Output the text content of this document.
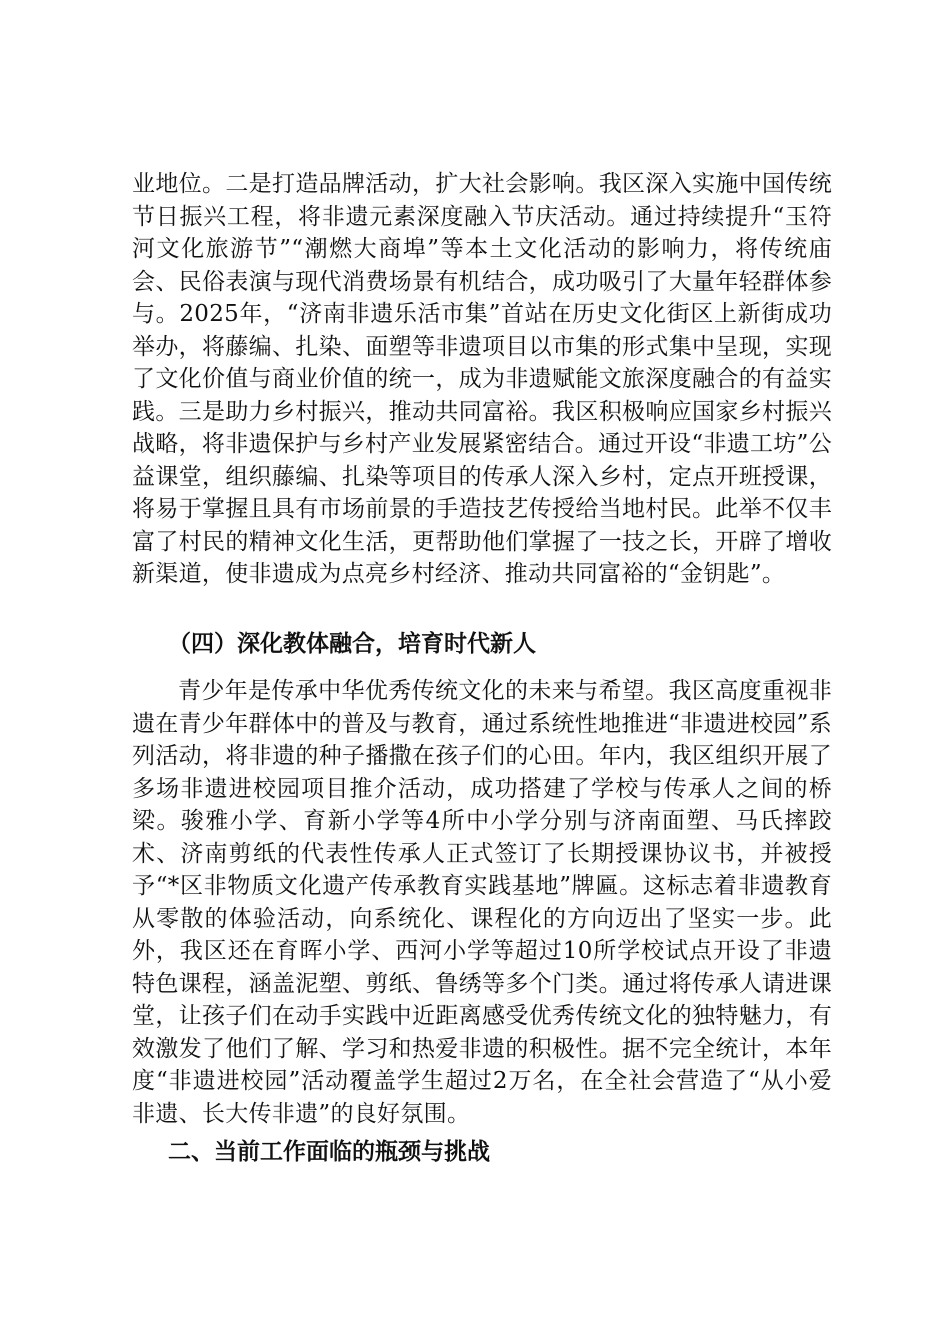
业地位。二是打造品牌活动，扩大社会影响。我区深入实施中国传统节日振兴工程，将非遗元素深度融入节庆活动。通过持续提升“玉符河文化旅游节”“潮燃大商埠”等本土文化活动的影响力，将传统庙会、民俗表演与现代消费场景有机结合，成功吸引了大量年轻群体参与。2025年，“济南非遗乐活市集”首站在历史文化街区上新街成功举办，将藤编、扎染、面塑等非遗项目以市集的形式集中呈现，实现了文化价值与商业价值的统一，成为非遗赋能文旅深度融合的有益实践。三是助力乡村振兴，推动共同富裕。我区积极响应国家乡村振兴战略，将非遗保护与乡村产业发展紧密结合。通过开设“非遗工坊”公益课堂，组织藤编、扎染等项目的传承人深入乡村，定点开班授课，将易于掌握且具有市场前景的手造技艺传授给当地村民。此举不仅丰富了村民的精神文化生活，更帮助他们掌握了一技之长，开辟了增收新渠道，使非遗成为点亮乡村经济、推动共同富裕的“金钥匙”。

（四）深化教体融合，培育时代新人

青少年是传承中华优秀传统文化的未来与希望。我区高度重视非遗在青少年群体中的普及与教育，通过系统性地推进“非遗进校园”系列活动，将非遗的种子播撒在孩子们的心田。年内，我区组织开展了多场非遗进校园项目推介活动，成功搭建了学校与传承人之间的桥梁。骏雅小学、育新小学等4所中小学分别与济南面塑、马氏摔跤术、济南剪纸的代表性传承人正式签订了长期授课协议书，并被授予“*区非物质文化遗产传承教育实践基地”牌匾。这标志着非遗教育从零散的体验活动，向系统化、课程化的方向迈出了坚实一步。此外，我区还在育晖小学、西河小学等超过10所学校试点开设了非遗特色课程，涵盖泥塑、剪纸、鲁绣等多个门类。通过将传承人请进课堂，让孩子们在动手实践中近距离感受优秀传统文化的独特魅力，有效激发了他们了解、学习和热爱非遗的积极性。据不完全统计，本年度“非遗进校园”活动覆盖学生超过2万名，在全社会营造了“从小爱非遗、长大传非遗”的良好氛围。

二、当前工作面临的瓶颈与挑战
